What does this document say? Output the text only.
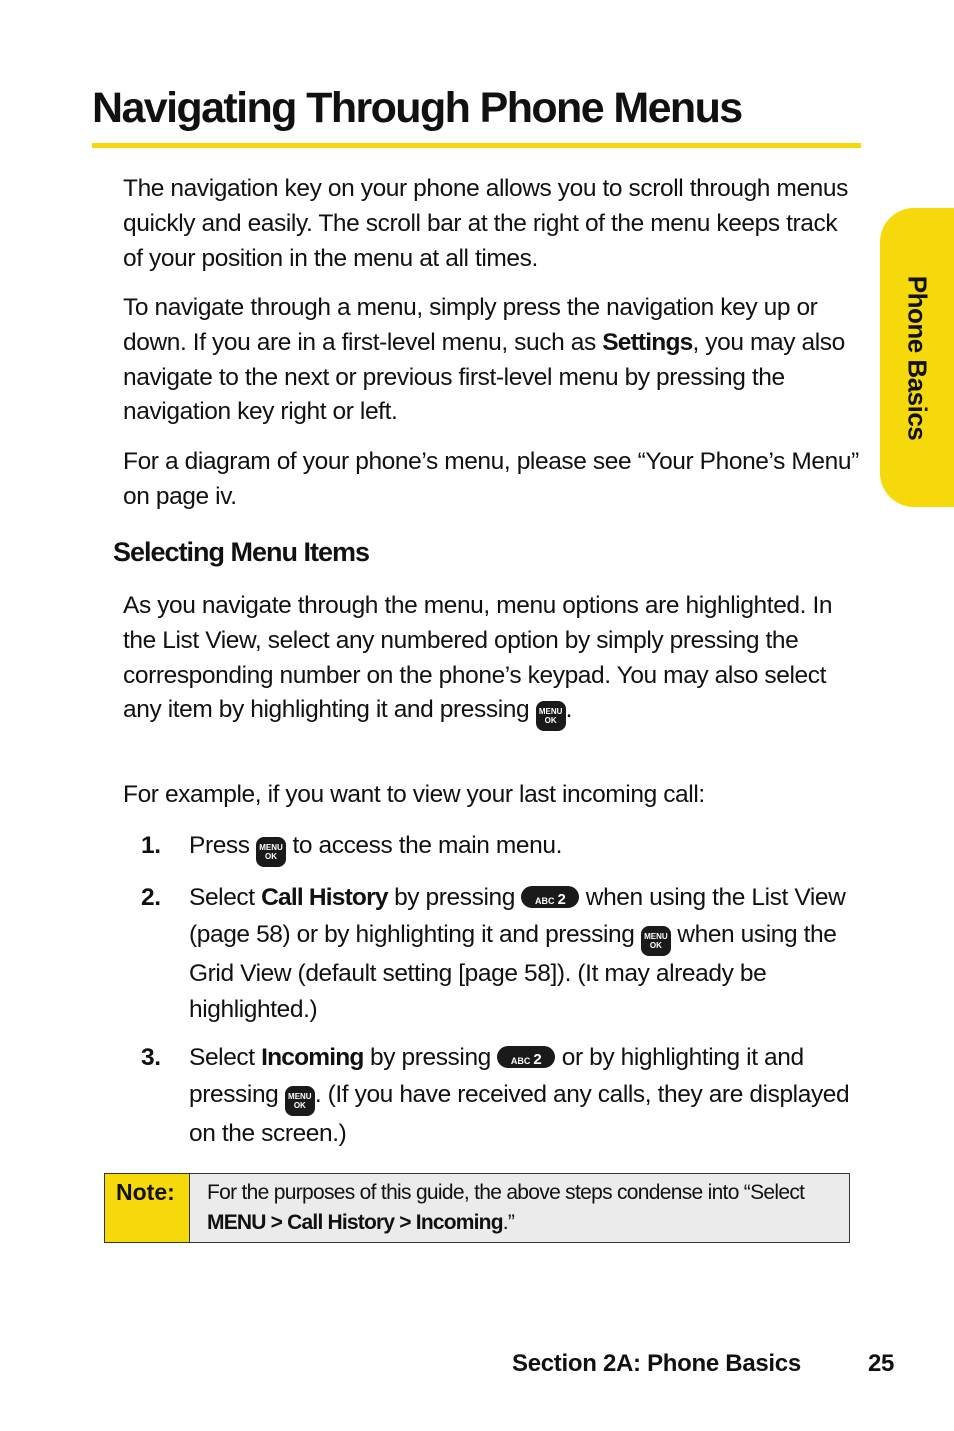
Navigating Through Phone Menus
Phone Basics

The navigation key on your phone allows you to scroll through menus quickly and easily. The scroll bar at the right of the menu keeps track of your position in the menu at all times.

To navigate through a menu, simply press the navigation key up or down. If you are in a first-level menu, such as Settings, you may also navigate to the next or previous first-level menu by pressing the navigation key right or left.

For a diagram of your phone’s menu, please see “Your Phone’s Menu” on page iv.

Selecting Menu Items

As you navigate through the menu, menu options are highlighted. In the List View, select any numbered option by simply pressing the corresponding number on the phone’s keypad. You may also select any item by highlighting it and pressing MENU
OK .

For example, if you want to view your last incoming call:

1. Press MENU
OK to access the main menu.
2. Select Call History by pressing ABC 2 when using the List View (page 58) or by highlighting it and pressing MENU
OK when using the Grid View (default setting [page 58]). (It may already be highlighted.)
3. Select Incoming by pressing ABC 2 or by highlighting it and pressing MENU
OK . (If you have received any calls, they are displayed on the screen.)
Note:	For the purposes of this guide, the above steps condense into “Select MENU > Call History > Incoming.”
Section 2A: Phone Basics	25
